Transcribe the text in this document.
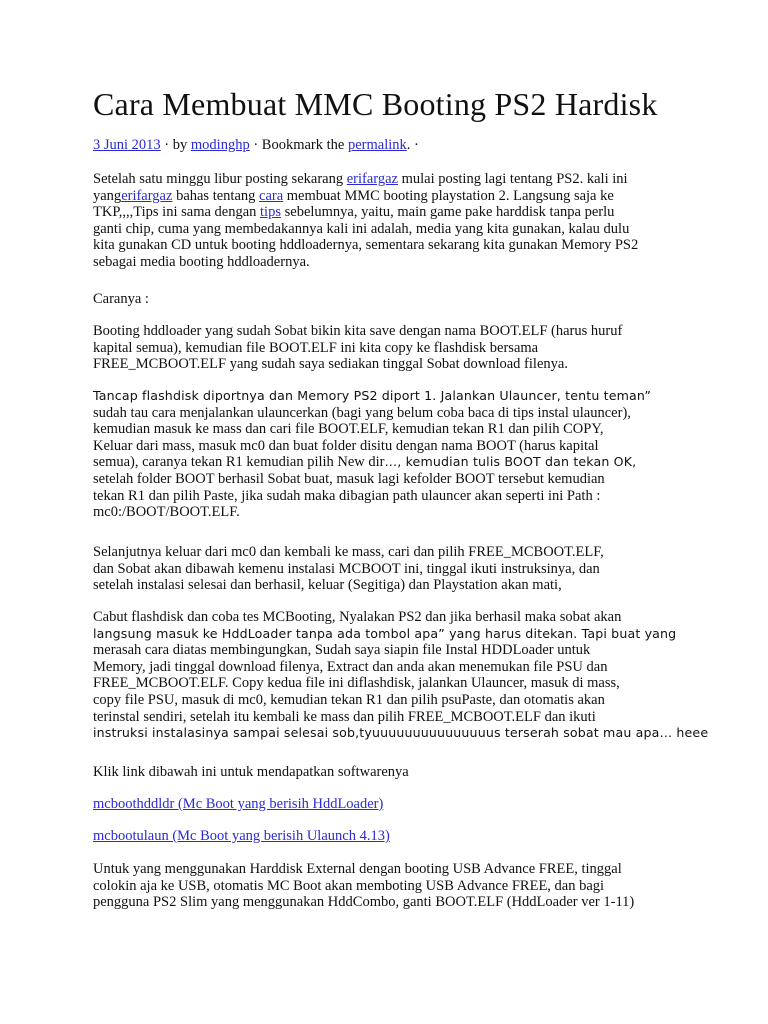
Cara Membuat MMC Booting PS2 Hardisk
3 Juni 2013 · by modinghp · Bookmark the permalink. ·
Setelah satu minggu libur posting sekarang erifargaz mulai posting lagi tentang PS2. kali ini
yangerifargaz bahas tentang cara membuat MMC booting playstation 2. Langsung saja ke
TKP,,,,Tips ini sama dengan tips sebelumnya, yaitu, main game pake harddisk tanpa perlu
ganti chip, cuma yang membedakannya kali ini adalah, media yang kita gunakan, kalau dulu
kita gunakan CD untuk booting hddloadernya, sementara sekarang kita gunakan Memory PS2
sebagai media booting hddloadernya.
Caranya :
Booting hddloader yang sudah Sobat bikin kita save dengan nama BOOT.ELF (harus huruf
kapital semua), kemudian file BOOT.ELF ini kita copy ke flashdisk bersama
FREE_MCBOOT.ELF yang sudah saya sediakan tinggal Sobat download filenya.
Tancap flashdisk diportnya dan Memory PS2 diport 1. Jalankan Ulauncer, tentu teman”
sudah tau cara menjalankan ulauncerkan (bagi yang belum coba baca di tips instal ulauncer),
kemudian masuk ke mass dan cari file BOOT.ELF, kemudian tekan R1 dan pilih COPY,
Keluar dari mass, masuk mc0 dan buat folder disitu dengan nama BOOT (harus kapital
semua), caranya tekan R1 kemudian pilih New dir…, kemudian tulis BOOT dan tekan OK,
setelah folder BOOT berhasil Sobat buat, masuk lagi kefolder BOOT tersebut kemudian
tekan R1 dan pilih Paste, jika sudah maka dibagian path ulauncer akan seperti ini Path :
mc0:/BOOT/BOOT.ELF.
Selanjutnya keluar dari mc0 dan kembali ke mass, cari dan pilih FREE_MCBOOT.ELF,
dan Sobat akan dibawah kemenu instalasi MCBOOT ini, tinggal ikuti instruksinya, dan
setelah instalasi selesai dan berhasil, keluar (Segitiga) dan Playstation akan mati,
Cabut flashdisk dan coba tes MCBooting, Nyalakan PS2 dan jika berhasil maka sobat akan
langsung masuk ke HddLoader tanpa ada tombol apa” yang harus ditekan. Tapi buat yang
merasah cara diatas membingungkan, Sudah saya siapin file Instal HDDLoader untuk
Memory, jadi tinggal download filenya, Extract dan anda akan menemukan file PSU dan
FREE_MCBOOT.ELF. Copy kedua file ini diflashdisk, jalankan Ulauncer, masuk di mass,
copy file PSU, masuk di mc0, kemudian tekan R1 dan pilih psuPaste, dan otomatis akan
terinstal sendiri, setelah itu kembali ke mass dan pilih FREE_MCBOOT.ELF dan ikuti
instruksi instalasinya sampai selesai sob,tyuuuuuuuuuuuuuuus terserah sobat mau apa… heee
Klik link dibawah ini untuk mendapatkan softwarenya
mcboothddldr (Mc Boot yang berisih HddLoader)
mcbootulaun (Mc Boot yang berisih Ulaunch 4.13)
Untuk yang menggunakan Harddisk External dengan booting USB Advance FREE, tinggal
colokin aja ke USB, otomatis MC Boot akan memboting USB Advance FREE, dan bagi
pengguna PS2 Slim yang menggunakan HddCombo, ganti BOOT.ELF (HddLoader ver 1-11)
